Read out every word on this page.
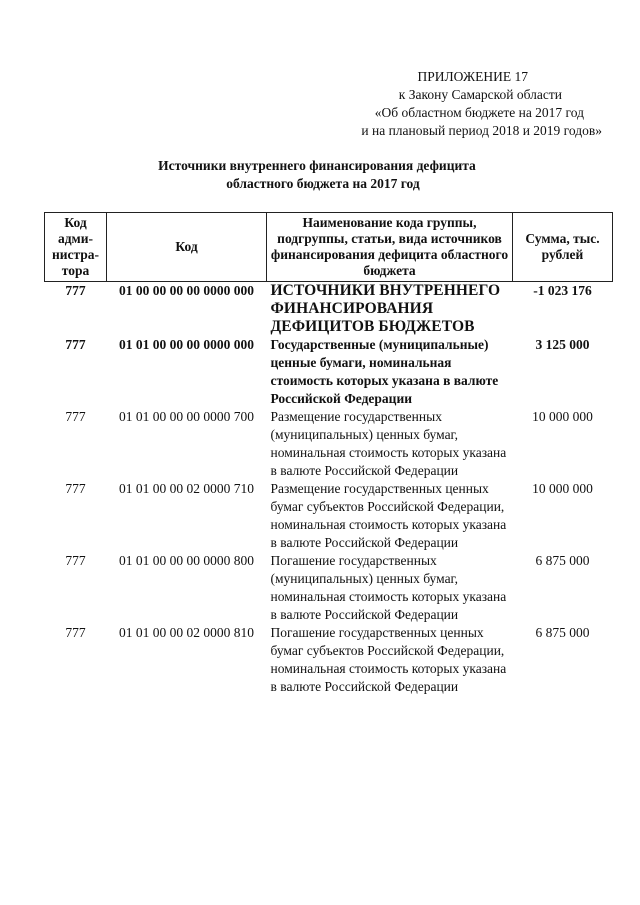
ПРИЛОЖЕНИЕ 17
к Закону Самарской области
«Об областном бюджете на 2017 год
и на плановый период 2018 и 2019 годов»
Источники внутреннего финансирования дефицита
областного бюджета на 2017 год
Код адми-нистра-тора	Код	Наименование кода группы, подгруппы, статьи, вида источников финансирования дефицита областного бюджета	Сумма, тыс. рублей
777	01 00 00 00 00 0000 000	ИСТОЧНИКИ ВНУТРЕННЕГО ФИНАНСИРОВАНИЯ ДЕФИЦИТОВ БЮДЖЕТОВ	-1 023 176
777	01 01 00 00 00 0000 000	Государственные (муниципальные) ценные бумаги, номинальная стоимость которых указана в валюте Российской Федерации	3 125 000
777	01 01 00 00 00 0000 700	Размещение государственных (муниципальных) ценных бумаг, номинальная стоимость которых указана в валюте Российской Федерации	10 000 000
777	01 01 00 00 02 0000 710	Размещение государственных ценных бумаг субъектов Российской Федерации, номинальная стоимость которых указана в валюте Российской Федерации	10 000 000
777	01 01 00 00 00 0000 800	Погашение государственных (муниципальных) ценных бумаг, номинальная стоимость которых указана в валюте Российской Федерации	6 875 000
777	01 01 00 00 02 0000 810	Погашение государственных ценных бумаг субъектов Российской Федерации, номинальная стоимость которых указана в валюте Российской Федерации	6 875 000
